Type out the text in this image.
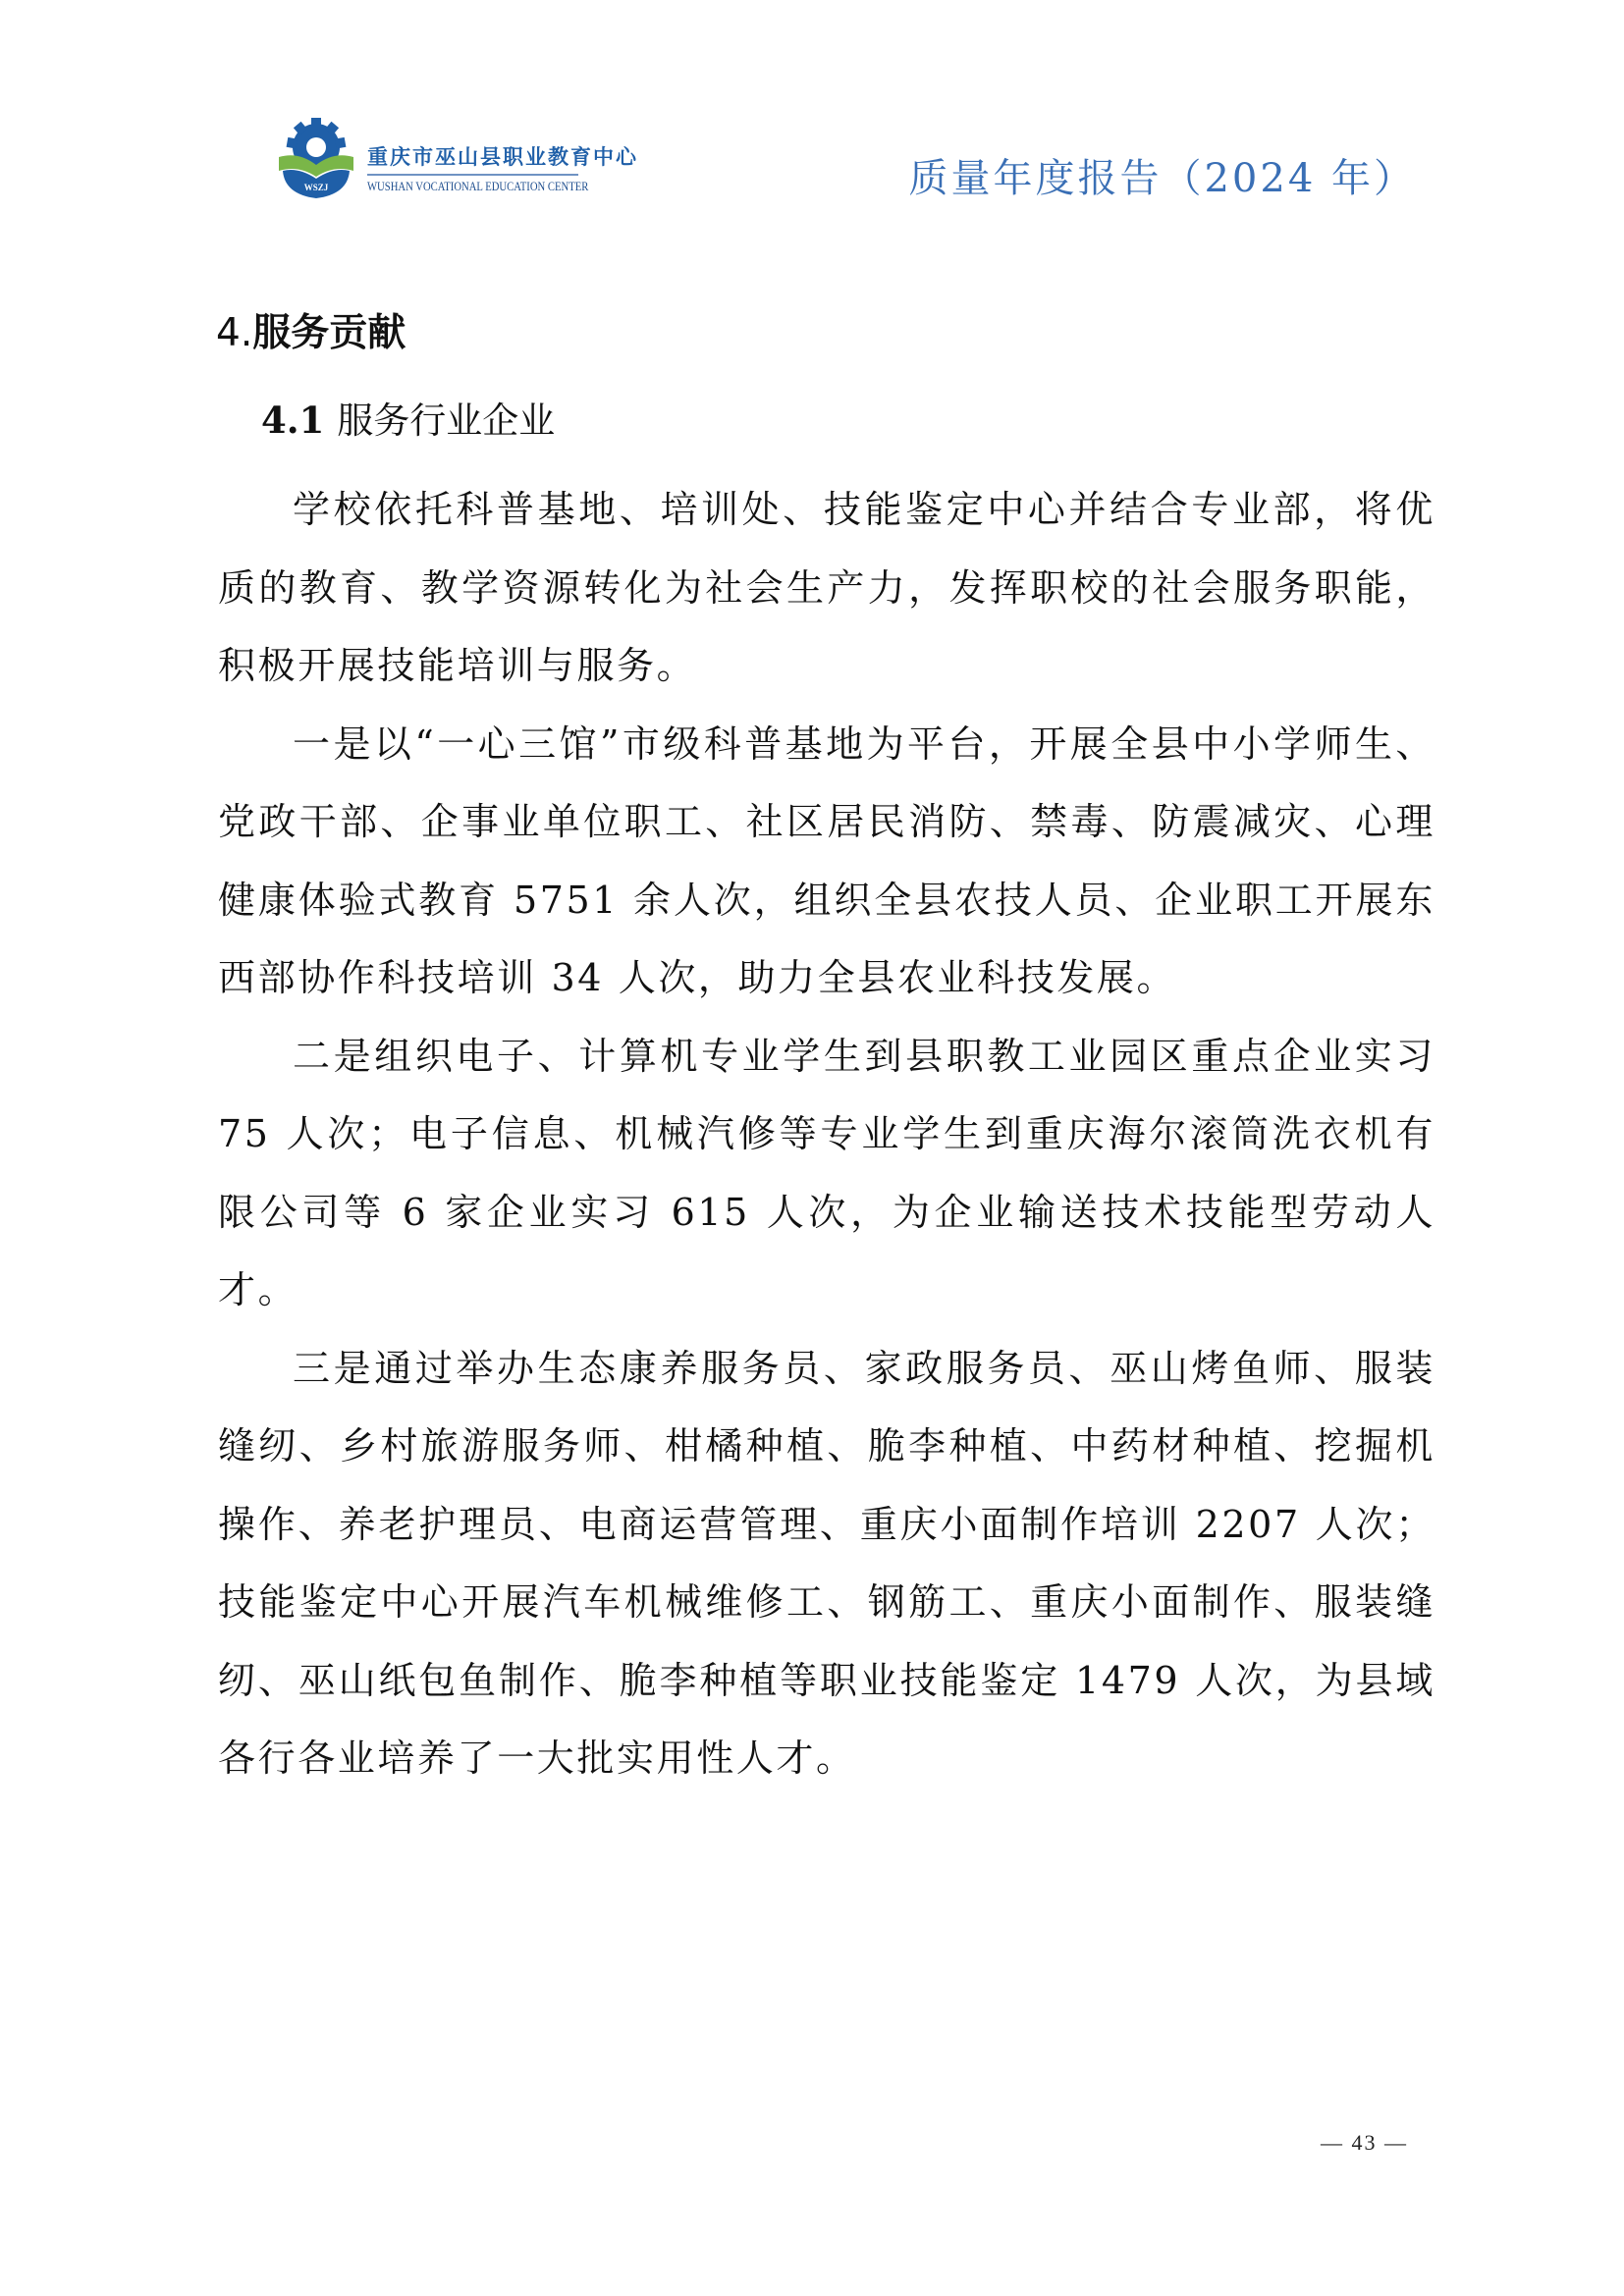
WSZJ
重庆市巫山县职业教育中心
WUSHAN VOCATIONAL EDUCATION CENTER	质量年度报告（2024 年）
4.服务贡献
4.1 服务行业企业

学校依托科普基地、培训处、技能鉴定中心并结合专业部，将优质的教育、教学资源转化为社会生产力，发挥职校的社会服务职能，积极开展技能培训与服务。

一是以“一心三馆”市级科普基地为平台，开展全县中小学师生、党政干部、企事业单位职工、社区居民消防、禁毒、防震减灾、心理健康体验式教育 5751 余人次，组织全县农技人员、企业职工开展东西部协作科技培训 34 人次，助力全县农业科技发展。

二是组织电子、计算机专业学生到县职教工业园区重点企业实习 75 人次；电子信息、机械汽修等专业学生到重庆海尔滚筒洗衣机有限公司等 6 家企业实习 615 人次，为企业输送技术技能型劳动人才。

三是通过举办生态康养服务员、家政服务员、巫山烤鱼师、服装缝纫、乡村旅游服务师、柑橘种植、脆李种植、中药材种植、挖掘机操作、养老护理员、电商运营管理、重庆小面制作培训 2207 人次；技能鉴定中心开展汽车机械维修工、钢筋工、重庆小面制作、服装缝纫、巫山纸包鱼制作、脆李种植等职业技能鉴定 1479 人次，为县域各行各业培养了一大批实用性人才。

— 43 —
